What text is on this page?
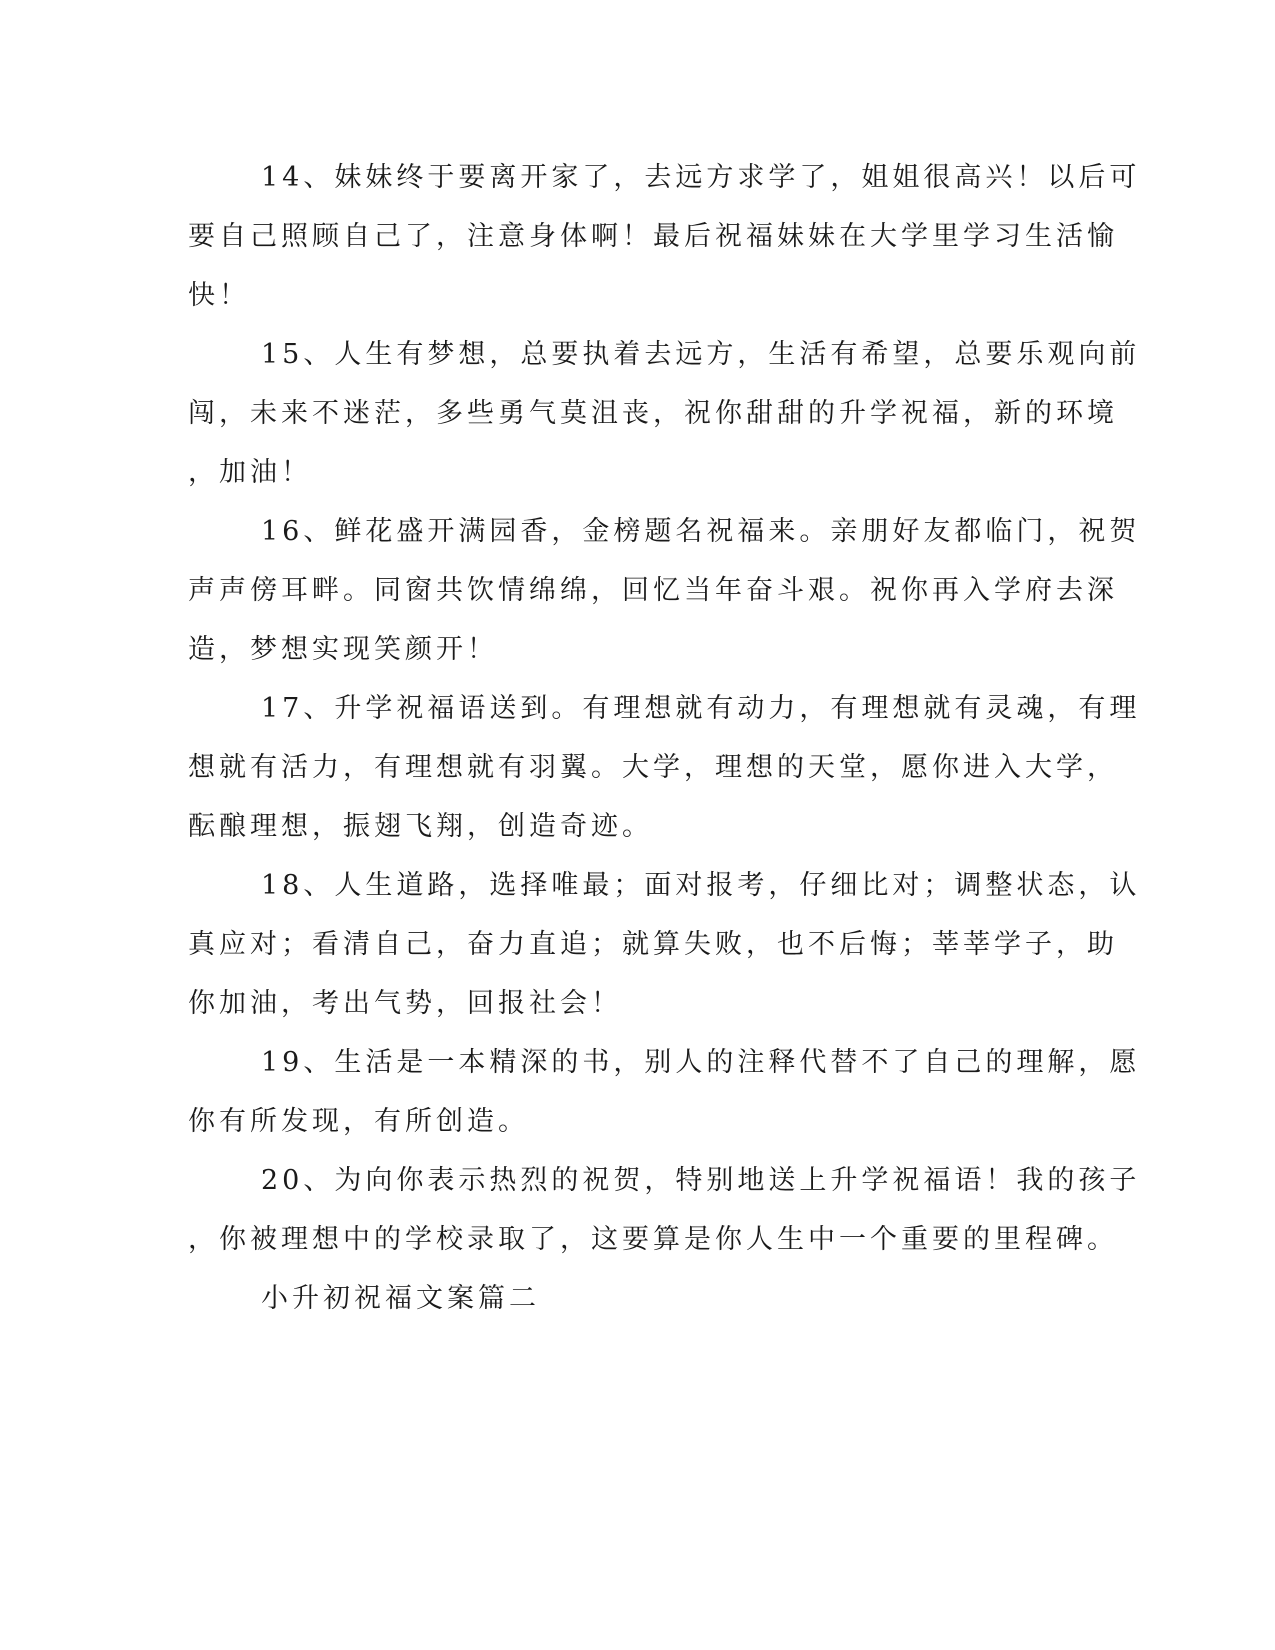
14、妹妹终于要离开家了，去远方求学了，姐姐很高兴！以后可
要自己照顾自己了，注意身体啊！最后祝福妹妹在大学里学习生活愉
快！
15、人生有梦想，总要执着去远方，生活有希望，总要乐观向前
闯，未来不迷茫，多些勇气莫沮丧，祝你甜甜的升学祝福，新的环境
，加油！
16、鲜花盛开满园香，金榜题名祝福来。亲朋好友都临门，祝贺
声声傍耳畔。同窗共饮情绵绵，回忆当年奋斗艰。祝你再入学府去深
造，梦想实现笑颜开！
17、升学祝福语送到。有理想就有动力，有理想就有灵魂，有理
想就有活力，有理想就有羽翼。大学，理想的天堂，愿你进入大学，
酝酿理想，振翅飞翔，创造奇迹。
18、人生道路，选择唯最；面对报考，仔细比对；调整状态，认
真应对；看清自己，奋力直追；就算失败，也不后悔；莘莘学子，助
你加油，考出气势，回报社会！
19、生活是一本精深的书，别人的注释代替不了自己的理解，愿
你有所发现，有所创造。
20、为向你表示热烈的祝贺，特别地送上升学祝福语！我的孩子
，你被理想中的学校录取了，这要算是你人生中一个重要的里程碑。
小升初祝福文案篇二
